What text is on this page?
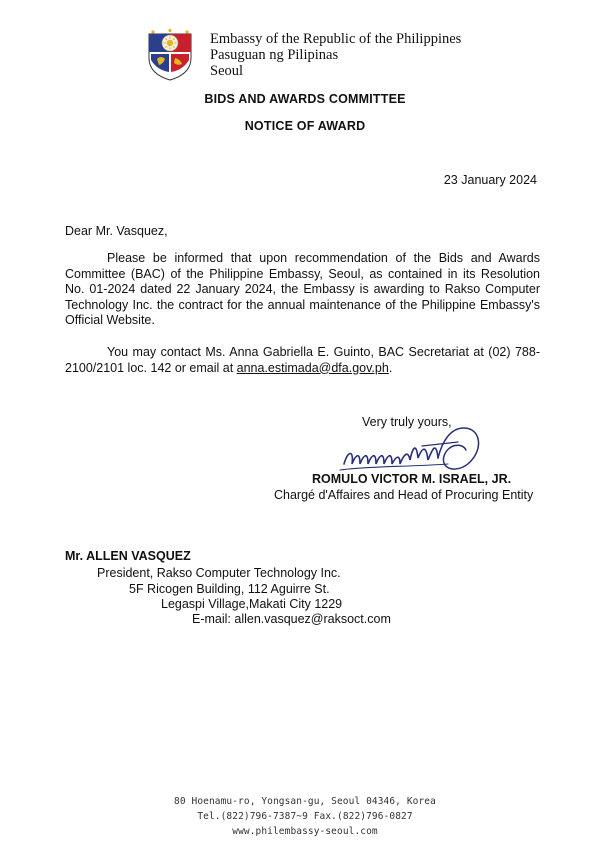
Embassy of the Republic of the Philippines
Pasuguan ng Pilipinas
Seoul
BIDS AND AWARDS COMMITTEE
NOTICE OF AWARD
23 January 2024
Dear Mr. Vasquez,

Please be informed that upon recommendation of the Bids and Awards Committee (BAC) of the Philippine Embassy, Seoul, as contained in its Resolution No. 01-2024 dated 22 January 2024, the Embassy is awarding to Rakso Computer Technology Inc. the contract for the annual maintenance of the Philippine Embassy's Official Website.

You may contact Ms. Anna Gabriella E. Guinto, BAC Secretariat at (02) 788-2100/2101 loc. 142 or email at anna.estimada@dfa.gov.ph.

Very truly yours,
ROMULO VICTOR M. ISRAEL, JR.
Chargé d'Affaires and Head of Procuring Entity
Mr. ALLEN VASQUEZ
President, Rakso Computer Technology Inc.
5F Ricogen Building, 112 Aguirre St.
Legaspi Village,Makati City 1229
E-mail: allen.vasquez@raksoct.com
80 Hoenamu-ro, Yongsan-gu, Seoul 04346, Korea
Tel.(822)796-7387~9 Fax.(822)796-0827
www.philembassy-seoul.com
